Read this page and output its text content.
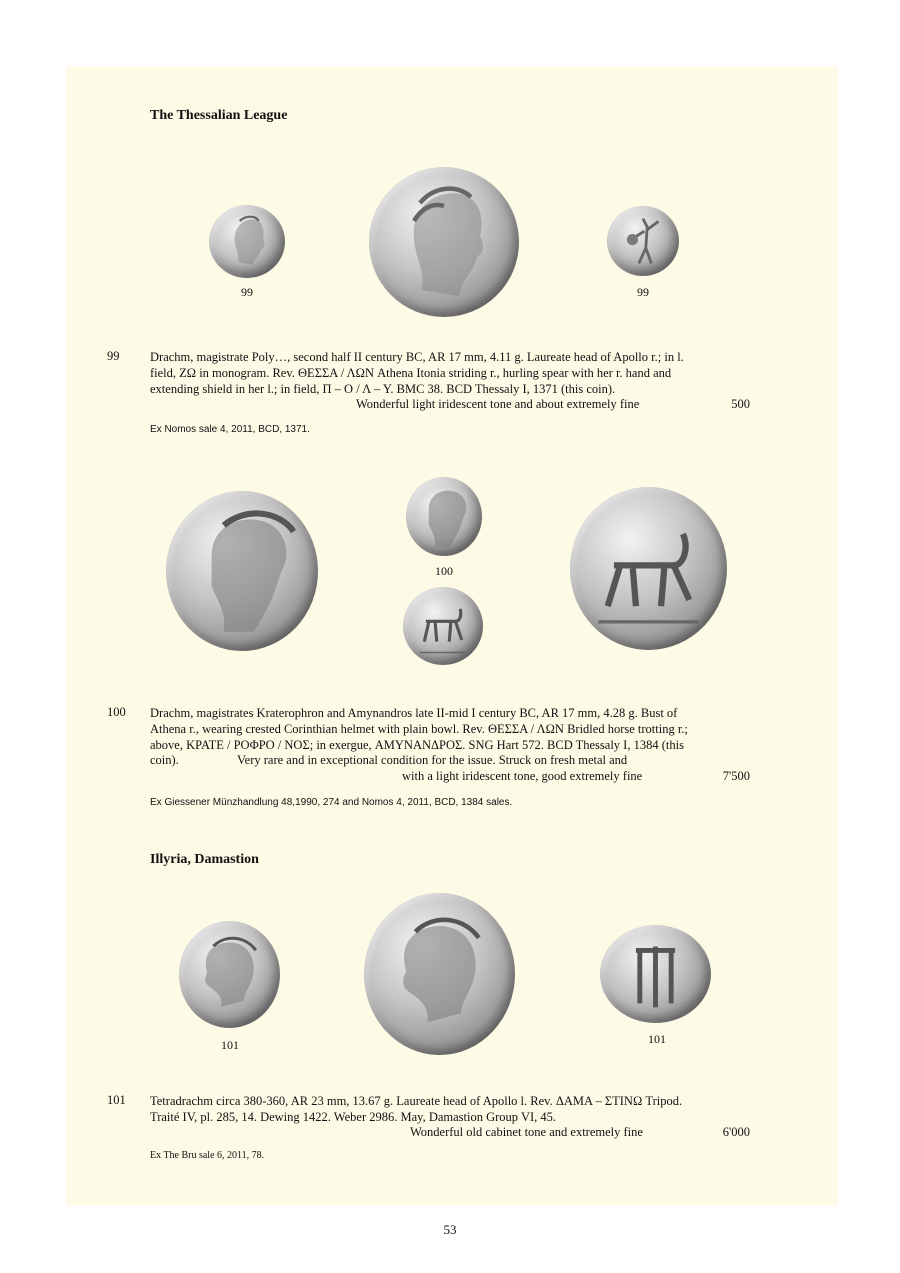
The Thessalian League
99	99
99 Drachm, magistrate Poly…, second half II century BC, AR 17 mm, 4.11 g. Laureate head of Apollo r.; in l.
field, ΖΩ in monogram. Rev. ΘΕΣΣΑ / ΛΩΝ Athena Itonia striding r., hurling spear with her r. hand and
extending shield in her l.; in field, Π – Ο / Λ – Υ. BMC 38. BCD Thessaly I, 1371 (this coin).
Wonderful light iridescent tone and about extremely fine	500
Ex Nomos sale 4, 2011, BCD, 1371.
100
100 Drachm, magistrates Kraterophron and Amynandros late II-mid I century BC, AR 17 mm, 4.28 g. Bust of
Athena r., wearing crested Corinthian helmet with plain bowl. Rev. ΘΕΣΣΑ / ΛΩΝ Bridled horse trotting r.;
above, ΚΡΑΤΕ / ΡΟΦΡΟ / ΝΟΣ; in exergue, ΑΜΥΝΑΝΔΡΟΣ. SNG Hart 572. BCD Thessaly I, 1384 (this
coin).	Very rare and in exceptional condition for the issue. Struck on fresh metal and
with a light iridescent tone, good extremely fine	7'500
Ex Giessener Münzhandlung 48,1990, 274 and Nomos 4, 2011, BCD, 1384 sales.
Illyria, Damastion
101	101
101 Tetradrachm circa 380-360, AR 23 mm, 13.67 g. Laureate head of Apollo l. Rev. ΔΑΜΑ – ΣΤΙΝΩ Tripod.
Traité IV, pl. 285, 14. Dewing 1422. Weber 2986. May, Damastion Group VI, 45.
Wonderful old cabinet tone and extremely fine	6'000
Ex The Bru sale 6, 2011, 78.
53
